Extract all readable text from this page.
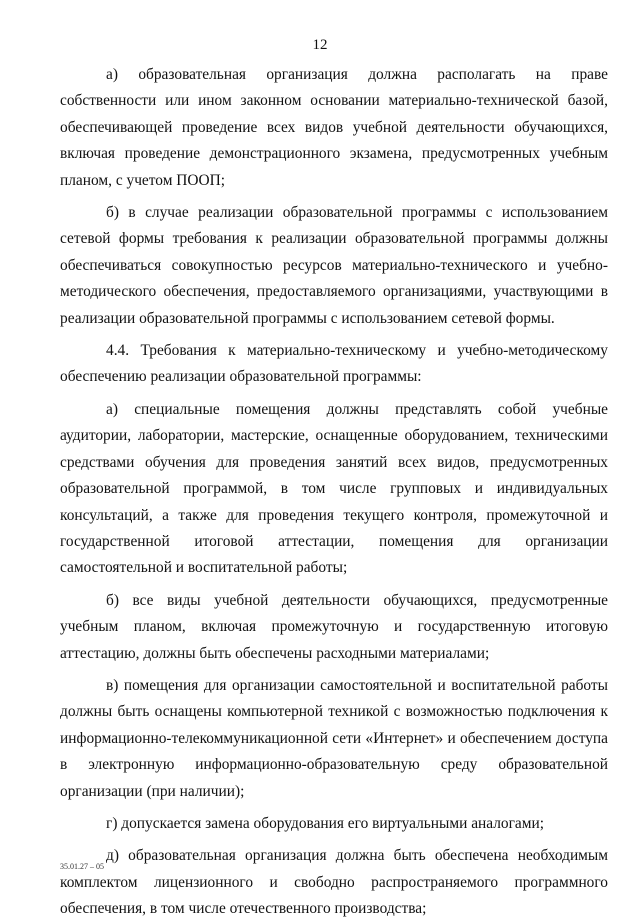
12

а) образовательная организация должна располагать на праве собственности или ином законном основании материально-технической базой, обеспечивающей проведение всех видов учебной деятельности обучающихся, включая проведение демонстрационного экзамена, предусмотренных учебным планом, с учетом ПООП;

б) в случае реализации образовательной программы с использованием сетевой формы требования к реализации образовательной программы должны обеспечиваться совокупностью ресурсов материально-технического и учебно-методического обеспечения, предоставляемого организациями, участвующими в реализации образовательной программы с использованием сетевой формы.

4.4. Требования к материально-техническому и учебно-методическому обеспечению реализации образовательной программы:

а) специальные помещения должны представлять собой учебные аудитории, лаборатории, мастерские, оснащенные оборудованием, техническими средствами обучения для проведения занятий всех видов, предусмотренных образовательной программой, в том числе групповых и индивидуальных консультаций, а также для проведения текущего контроля, промежуточной и государственной итоговой аттестации, помещения для организации самостоятельной и воспитательной работы;

б) все виды учебной деятельности обучающихся, предусмотренные учебным планом, включая промежуточную и государственную итоговую аттестацию, должны быть обеспечены расходными материалами;

в) помещения для организации самостоятельной и воспитательной работы должны быть оснащены компьютерной техникой с возможностью подключения к информационно-телекоммуникационной сети «Интернет» и обеспечением доступа в электронную информационно-образовательную среду образовательной организации (при наличии);

г) допускается замена оборудования его виртуальными аналогами;

д) образовательная организация должна быть обеспечена необходимым комплектом лицензионного и свободно распространяемого программного обеспечения, в том числе отечественного производства;

35.01.27 – 05
